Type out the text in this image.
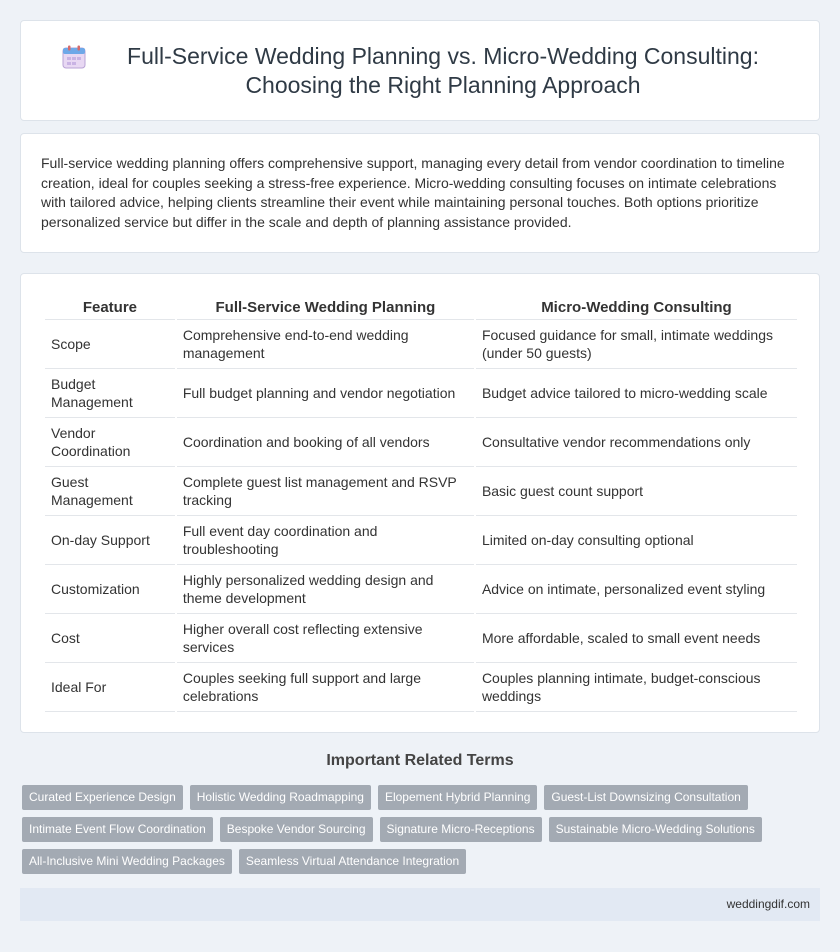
Full-Service Wedding Planning vs. Micro-Wedding Consulting: Choosing the Right Planning Approach

Full-service wedding planning offers comprehensive support, managing every detail from vendor coordination to timeline creation, ideal for couples seeking a stress-free experience. Micro-wedding consulting focuses on intimate celebrations with tailored advice, helping clients streamline their event while maintaining personal touches. Both options prioritize personalized service but differ in the scale and depth of planning assistance provided.

Feature	Full-Service Wedding Planning	Micro-Wedding Consulting
Scope	Comprehensive end-to-end wedding management	Focused guidance for small, intimate weddings (under 50 guests)
Budget Management	Full budget planning and vendor negotiation	Budget advice tailored to micro-wedding scale
Vendor Coordination	Coordination and booking of all vendors	Consultative vendor recommendations only
Guest Management	Complete guest list management and RSVP tracking	Basic guest count support
On-day Support	Full event day coordination and troubleshooting	Limited on-day consulting optional
Customization	Highly personalized wedding design and theme development	Advice on intimate, personalized event styling
Cost	Higher overall cost reflecting extensive services	More affordable, scaled to small event needs
Ideal For	Couples seeking full support and large celebrations	Couples planning intimate, budget-conscious weddings
Important Related Terms
Curated Experience Design	Holistic Wedding Roadmapping	Elopement Hybrid Planning	Guest-List Downsizing Consultation
Intimate Event Flow Coordination	Bespoke Vendor Sourcing	Signature Micro-Receptions	Sustainable Micro-Wedding Solutions
All-Inclusive Mini Wedding Packages	Seamless Virtual Attendance Integration
weddingdif.com
